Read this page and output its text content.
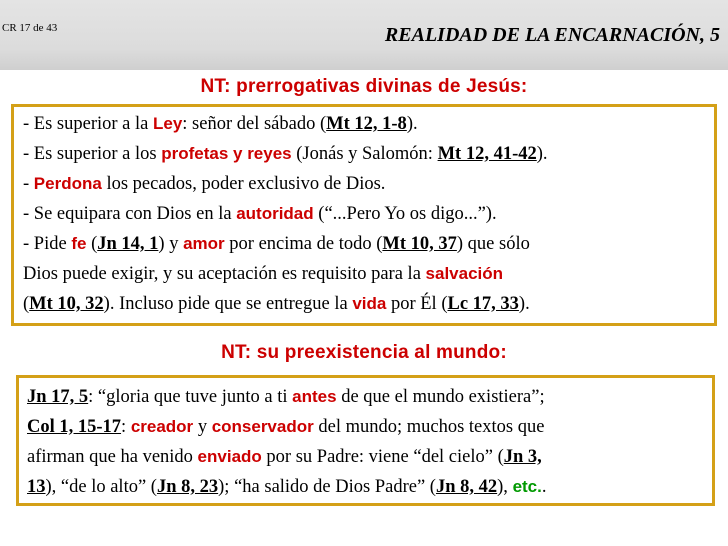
CR 17 de 43	REALIDAD DE LA ENCARNACIÓN, 5
NT: prerrogativas divinas de Jesús:
NT: su preexistencia al mundo:
- Es superior a la Ley: señor del sábado (Mt 12, 1-8).
- Es superior a los profetas y reyes (Jonás y Salomón: Mt 12, 41-42).
- Perdona los pecados, poder exclusivo de Dios.
- Se equipara con Dios en la autoridad (“...Pero Yo os digo...”).
- Pide fe (Jn 14, 1) y amor por encima de todo (Mt 10, 37) que sólo
Dios puede exigir, y su aceptación es requisito para la salvación
(Mt 10, 32). Incluso pide que se entregue la vida por Él (Lc 17, 33).
Jn 17, 5: “gloria que tuve junto a ti antes de que el mundo existiera”;
Col 1, 15-17: creador y conservador del mundo; muchos textos que
afirman que ha venido enviado por su Padre: viene “del cielo” (Jn 3,
13), “de lo alto” (Jn 8, 23); “ha salido de Dios Padre” (Jn 8, 42), etc..
